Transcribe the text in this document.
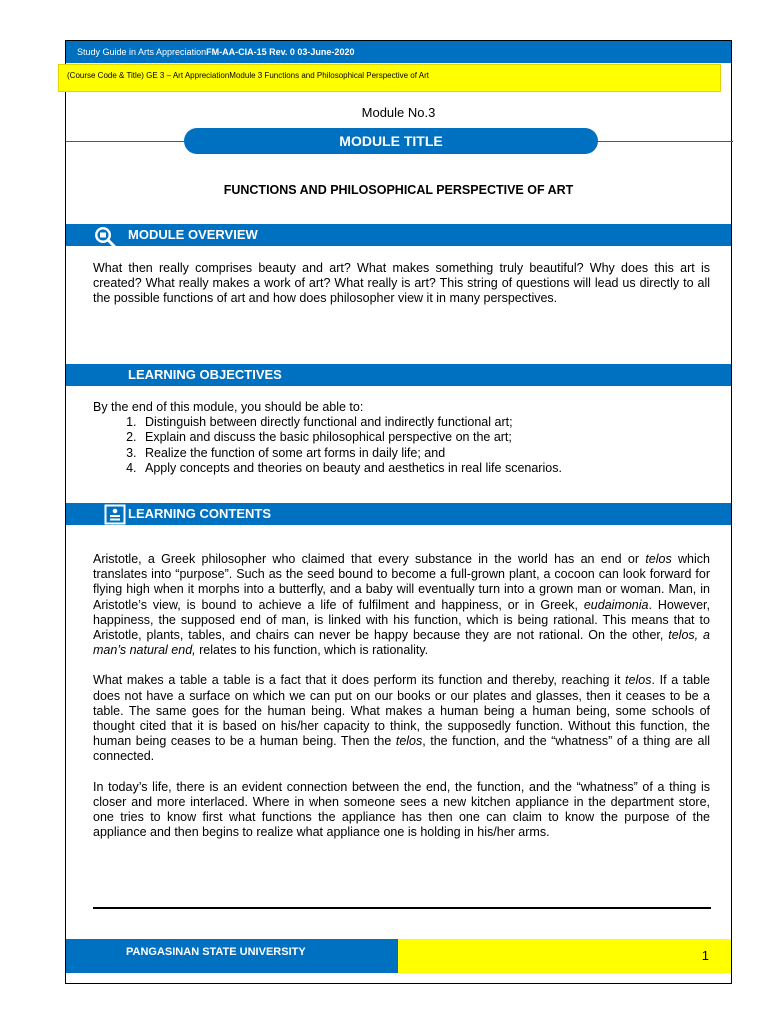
Study Guide in Arts AppreciationFM-AA-CIA-15 Rev. 0 03-June-2020
(Course Code & Title) GE 3 – Art AppreciationModule 3 Functions and Philosophical Perspective of Art
Module No.3
MODULE TITLE
FUNCTIONS AND PHILOSOPHICAL PERSPECTIVE OF ART
MODULE OVERVIEW

What then really comprises beauty and art? What makes something truly beautiful? Why does this art is created? What really makes a work of art? What really is art? This string of questions will lead us directly to all the possible functions of art and how does philosopher view it in many perspectives.

LEARNING OBJECTIVES
By the end of this module, you should be able to:
1. Distinguish between directly functional and indirectly functional art;
2. Explain and discuss the basic philosophical perspective on the art;
3. Realize the function of some art forms in daily life; and
4. Apply concepts and theories on beauty and aesthetics in real life scenarios.
LEARNING CONTENTS

Aristotle, a Greek philosopher who claimed that every substance in the world has an end or telos which translates into “purpose”. Such as the seed bound to become a full-grown plant, a cocoon can look forward for flying high when it morphs into a butterfly, and a baby will eventually turn into a grown man or woman. Man, in Aristotle’s view, is bound to achieve a life of fulfilment and happiness, or in Greek, eudaimonia. However, happiness, the supposed end of man, is linked with his function, which is being rational. This means that to Aristotle, plants, tables, and chairs can never be happy because they are not rational. On the other, telos, a man’s natural end, relates to his function, which is rationality.

What makes a table a table is a fact that it does perform its function and thereby, reaching it telos. If a table does not have a surface on which we can put on our books or our plates and glasses, then it ceases to be a table. The same goes for the human being. What makes a human being a human being, some schools of thought cited that it is based on his/her capacity to think, the supposedly function. Without this function, the human being ceases to be a human being. Then the telos, the function, and the “whatness” of a thing are all connected.

In today’s life, there is an evident connection between the end, the function, and the “whatness” of a thing is closer and more interlaced. Where in when someone sees a new kitchen appliance in the department store, one tries to know first what functions the appliance has then one can claim to know the purpose of the appliance and then begins to realize what appliance one is holding in his/her arms.

PANGASINAN STATE UNIVERSITY	1
